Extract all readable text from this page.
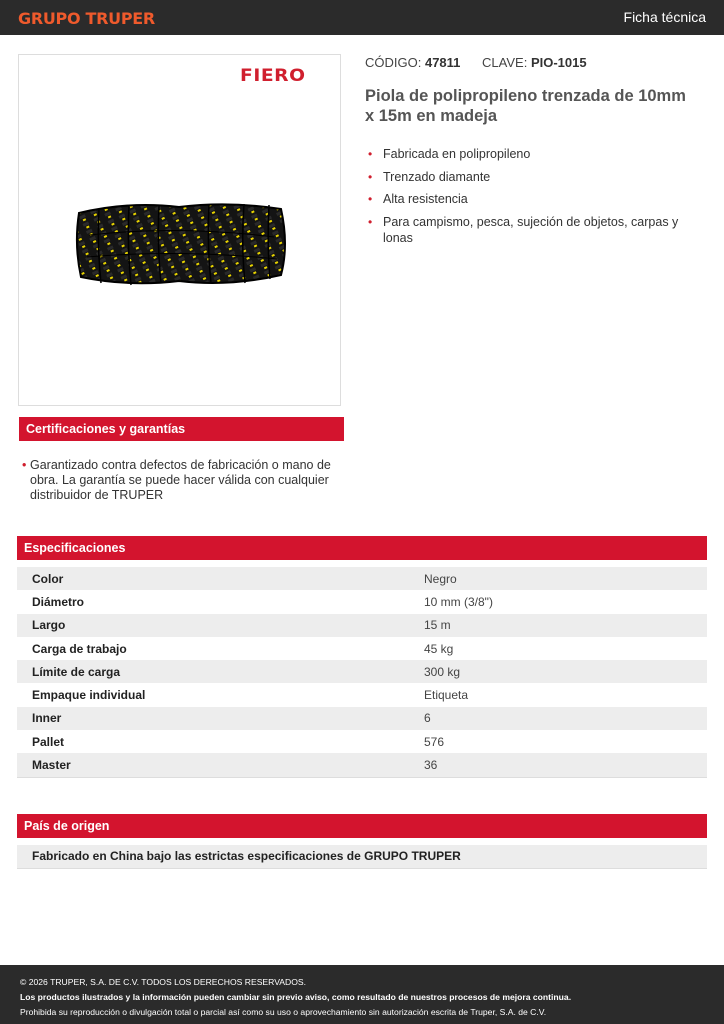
GRUPO TRUPER	Ficha técnica
FIERO
CÓDIGO: 47811 CLAVE: PIO-1015
Piola de polipropileno trenzada de 10mm x 15m en madeja
• Fabricada en polipropileno
• Trenzado diamante
• Alta resistencia
• Para campismo, pesca, sujeción de objetos, carpas y lonas
Certificaciones y garantías
• Garantizado contra defectos de fabricación o mano de obra. La garantía se puede hacer válida con cualquier distribuidor de TRUPER
Especificaciones
Color	Negro
Diámetro	10 mm (3/8")
Largo	15 m
Carga de trabajo	45 kg
Límite de carga	300 kg
Empaque individual	Etiqueta
Inner	6
Pallet	576
Master	36
País de origen
Fabricado en China bajo las estrictas especificaciones de GRUPO TRUPER
© 2026 TRUPER, S.A. DE C.V. TODOS LOS DERECHOS RESERVADOS.
Los productos ilustrados y la información pueden cambiar sin previo aviso, como resultado de nuestros procesos de mejora continua.
Prohibida su reproducción o divulgación total o parcial así como su uso o aprovechamiento sin autorización escrita de Truper, S.A. de C.V.
